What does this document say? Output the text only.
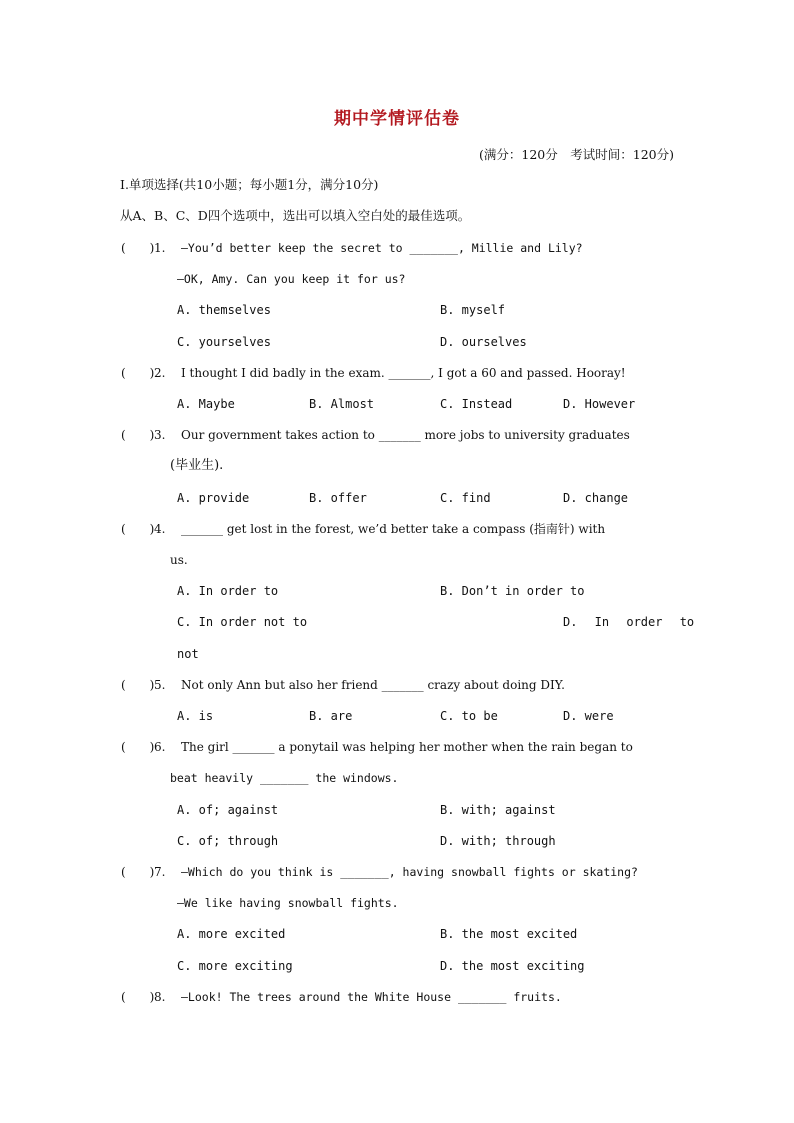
期中学情评估卷
(满分：120分　考试时间：120分)
I.单项选择(共10小题；每小题1分，满分10分)
从A、B、C、D四个选项中，选出可以填入空白处的最佳选项。
(　　) 1. —You’d better keep the secret to _______, Millie and Lily?
—OK, Amy. Can you keep it for us?
A. themselves	B. myself
C. yourselves	D. ourselves
(　　) 2. I thought I did badly in the exam. _______, I got a 60 and passed. Hooray!
A. Maybe	B. Almost	C. Instead	D. However
(　　) 3. Our government takes action to _______ more jobs to university graduates
(毕业生).
A. provide	B. offer	C. find	D. change
(　　) 4. _______ get lost in the forest, we’d better take a compass (指南针) with
us.
A. In order to	B. Don’t in order to
C. In order not to	D. In order to
not
(　　) 5. Not only Ann but also her friend _______ crazy about doing DIY.
A. is	B. are	C. to be	D. were
(　　) 6. The girl _______ a ponytail was helping her mother when the rain began to
beat heavily _______ the windows.
A. of; against	B. with; against
C. of; through	D. with; through
(　　) 7. —Which do you think is _______, having snowball fights or skating?
—We like having snowball fights.
A. more excited	B. the most excited
C. more exciting	D. the most exciting
(　　) 8. —Look! The trees around the White House _______ fruits.
